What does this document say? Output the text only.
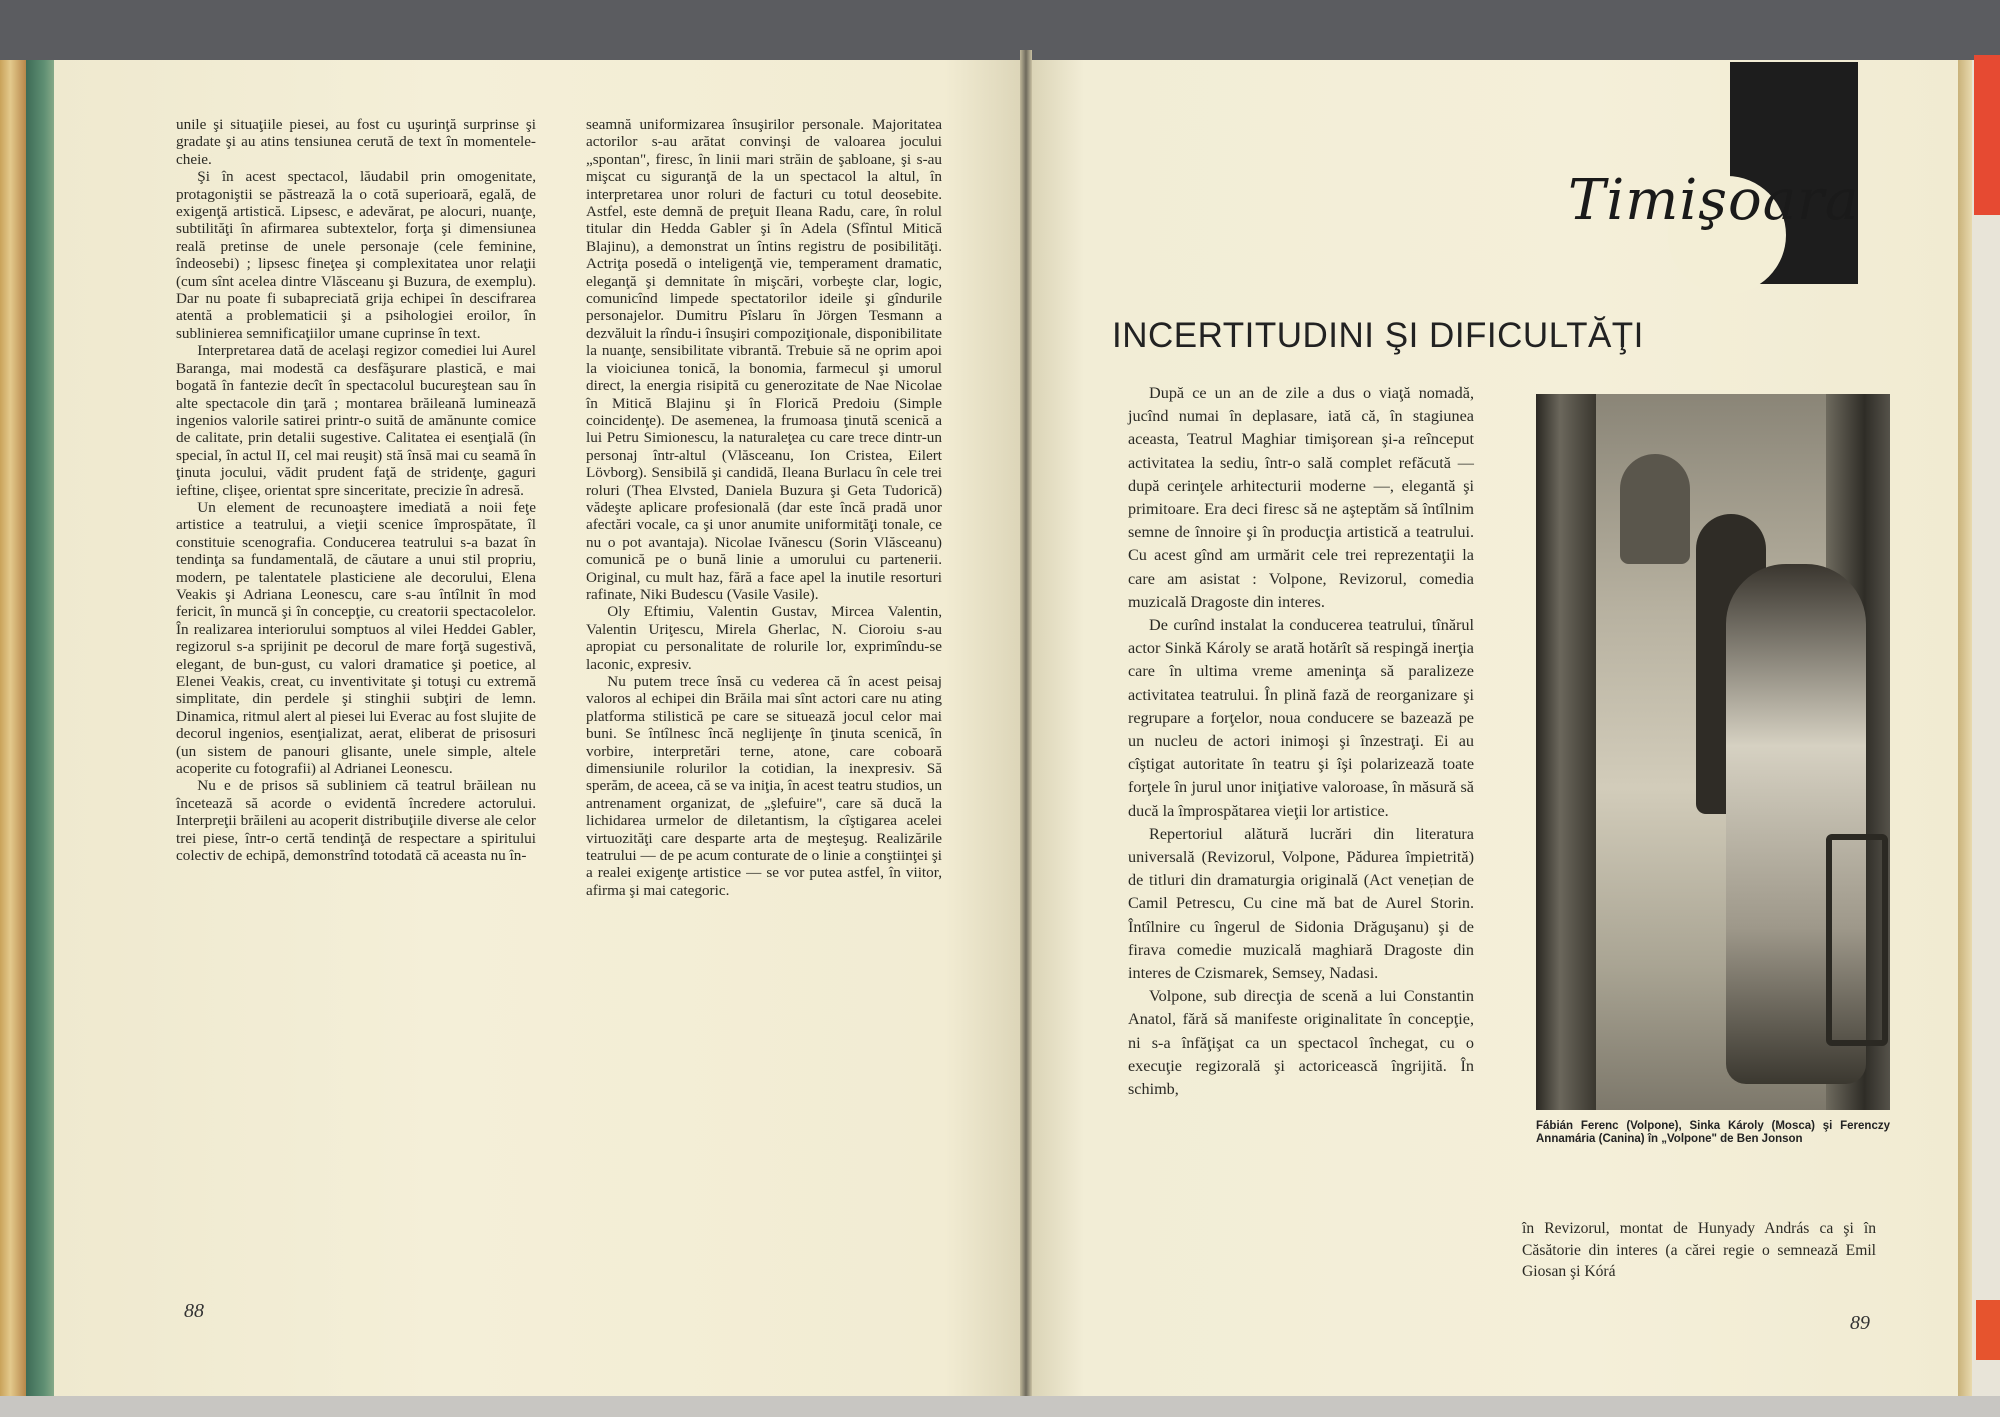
unile şi situaţiile piesei, au fost cu uşurinţă surprinse şi gradate şi au atins tensiunea cerută de text în momentele-cheie.

Şi în acest spectacol, lăudabil prin omogenitate, protagoniştii se păstrează la o cotă superioară, egală, de exigenţă artistică. Lipsesc, e adevărat, pe alocuri, nuanţe, subtilităţi în afirmarea subtextelor, forţa şi dimensiunea reală pretinse de unele personaje (cele feminine, îndeosebi) ; lipsesc fineţea şi complexitatea unor relaţii (cum sînt acelea dintre Vlăsceanu şi Buzura, de exemplu). Dar nu poate fi subapreciată grija echipei în descifrarea atentă a problematicii şi a psihologiei eroilor, în sublinierea semnificaţiilor umane cuprinse în text.

Interpretarea dată de acelaşi regizor comediei lui Aurel Baranga, mai modestă ca desfăşurare plastică, e mai bogată în fantezie decît în spectacolul bucureştean sau în alte spectacole din ţară ; montarea brăileană luminează ingenios valorile satirei printr-o suită de amănunte comice de calitate, prin detalii sugestive. Calitatea ei esenţială (în special, în actul II, cel mai reuşit) stă însă mai cu seamă în ţinuta jocului, vădit prudent faţă de stridenţe, gaguri ieftine, clişee, orientat spre sinceritate, precizie în adresă.

Un element de recunoaştere imediată a noii feţe artistice a teatrului, a vieţii scenice împrospătate, îl constituie scenografia. Conducerea teatrului s-a bazat în tendinţa sa fundamentală, de căutare a unui stil propriu, modern, pe talentatele plasticiene ale decorului, Elena Veakis şi Adriana Leonescu, care s-au întîlnit în mod fericit, în muncă şi în concepţie, cu creatorii spectacolelor. În realizarea interiorului somptuos al vilei Heddei Gabler, regizorul s-a sprijinit pe decorul de mare forţă sugestivă, elegant, de bun-gust, cu valori dramatice şi poetice, al Elenei Veakis, creat, cu inventivitate şi totuşi cu extremă simplitate, din perdele şi stinghii subţiri de lemn. Dinamica, ritmul alert al piesei lui Everac au fost slujite de decorul ingenios, esenţializat, aerat, eliberat de prisosuri (un sistem de panouri glisante, unele simple, altele acoperite cu fotografii) al Adrianei Leonescu.

Nu e de prisos să subliniem că teatrul brăilean nu încetează să acorde o evidentă încredere actorului. Interpreţii brăileni au acoperit distribuţiile diverse ale celor trei piese, într-o certă tendinţă de respectare a spiritului colectiv de echipă, demonstrînd totodată că aceasta nu în-

seamnă uniformizarea însuşirilor personale. Majoritatea actorilor s-au arătat convinşi de valoarea jocului „spontan", firesc, în linii mari străin de şabloane, şi s-au mişcat cu siguranţă de la un spectacol la altul, în interpretarea unor roluri de facturi cu totul deosebite. Astfel, este demnă de preţuit Ileana Radu, care, în rolul titular din Hedda Gabler şi în Adela (Sfîntul Mitică Blajinu), a demonstrat un întins registru de posibilităţi. Actriţa posedă o inteligenţă vie, temperament dramatic, eleganţă şi demnitate în mişcări, vorbeşte clar, logic, comunicînd limpede spectatorilor ideile şi gîndurile personajelor. Dumitru Pîslaru în Jörgen Tesmann a dezvăluit la rîndu-i însuşiri compoziţionale, disponibilitate la nuanţe, sensibilitate vibrantă. Trebuie să ne oprim apoi la vioiciunea tonică, la bonomia, farmecul şi umorul direct, la energia risipită cu generozitate de Nae Nicolae în Mitică Blajinu şi în Florică Predoiu (Simple coincidenţe). De asemenea, la frumoasa ţinută scenică a lui Petru Simionescu, la naturaleţea cu care trece dintr-un personaj într-altul (Vlăsceanu, Ion Cristea, Eilert Lövborg). Sensibilă şi candidă, Ileana Burlacu în cele trei roluri (Thea Elvsted, Daniela Buzura şi Geta Tudorică) vădeşte aplicare profesională (dar este încă pradă unor afectări vocale, ca şi unor anumite uniformităţi tonale, ce nu o pot avantaja). Nicolae Ivănescu (Sorin Vlăsceanu) comunică pe o bună linie a umorului cu partenerii. Original, cu mult haz, fără a face apel la inutile resorturi rafinate, Niki Budescu (Vasile Vasile).

Oly Eftimiu, Valentin Gustav, Mircea Valentin, Valentin Uriţescu, Mirela Gherlac, N. Cioroiu s-au apropiat cu personalitate de rolurile lor, exprimîndu-se laconic, expresiv.

Nu putem trece însă cu vederea că în acest peisaj valoros al echipei din Brăila mai sînt actori care nu ating platforma stilistică pe care se situează jocul celor mai buni. Se întîlnesc încă neglijenţe în ţinuta scenică, în vorbire, interpretări terne, atone, care coboară dimensiunile rolurilor la cotidian, la inexpresiv. Să sperăm, de aceea, că se va iniţia, în acest teatru studios, un antrenament organizat, de „şlefuire", care să ducă la lichidarea urmelor de diletantism, la cîştigarea acelei virtuozităţi care desparte arta de meşteşug. Realizările teatrului — de pe acum conturate de o linie a conştiinţei şi a realei exigenţe artistice — se vor putea astfel, în viitor, afirma şi mai categoric.

88
Timişoara
INCERTITUDINI ŞI DIFICULTĂŢI

După ce un an de zile a dus o viaţă nomadă, jucînd numai în deplasare, iată că, în stagiunea aceasta, Teatrul Maghiar timişorean şi-a reînceput activitatea la sediu, într-o sală complet refăcută — după cerinţele arhitecturii moderne —, elegantă şi primitoare. Era deci firesc să ne aşteptăm să întîlnim semne de înnoire şi în producţia artistică a teatrului. Cu acest gînd am urmărit cele trei reprezentaţii la care am asistat : Volpone, Revizorul, comedia muzicală Dragoste din interes.

De curînd instalat la conducerea teatrului, tînărul actor Sinkă Károly se arată hotărît să respingă inerţia care în ultima vreme ameninţa să paralizeze activitatea teatrului. În plină fază de reorganizare şi regrupare a forţelor, noua conducere se bazează pe un nucleu de actori inimoşi şi înzestraţi. Ei au cîştigat autoritate în teatru şi îşi polarizează toate forţele în jurul unor iniţiative valoroase, în măsură să ducă la împrospătarea vieţii lor artistice.

Repertoriul alătură lucrări din literatura universală (Revizorul, Volpone, Pădurea împietrită) de titluri din dramaturgia originală (Act venețian de Camil Petrescu, Cu cine mă bat de Aurel Storin. Întîlnire cu îngerul de Sidonia Drăguşanu) şi de firava comedie muzicală maghiară Dragoste din interes de Czismarek, Semsey, Nadasi.

Volpone, sub direcţia de scenă a lui Constantin Anatol, fără să manifeste originalitate în concepţie, ni s-a înfăţişat ca un spectacol închegat, cu o execuţie regizorală şi actoricească îngrijită. În schimb,

Fábián Ferenc (Volpone), Sinka Károly (Mosca) şi Ferenczy Annamária (Canina) în „Volpone" de Ben Jonson

în Revizorul, montat de Hunyady András ca şi în Căsătorie din interes (a cărei regie o semnează Emil Giosan şi Kórá

89
